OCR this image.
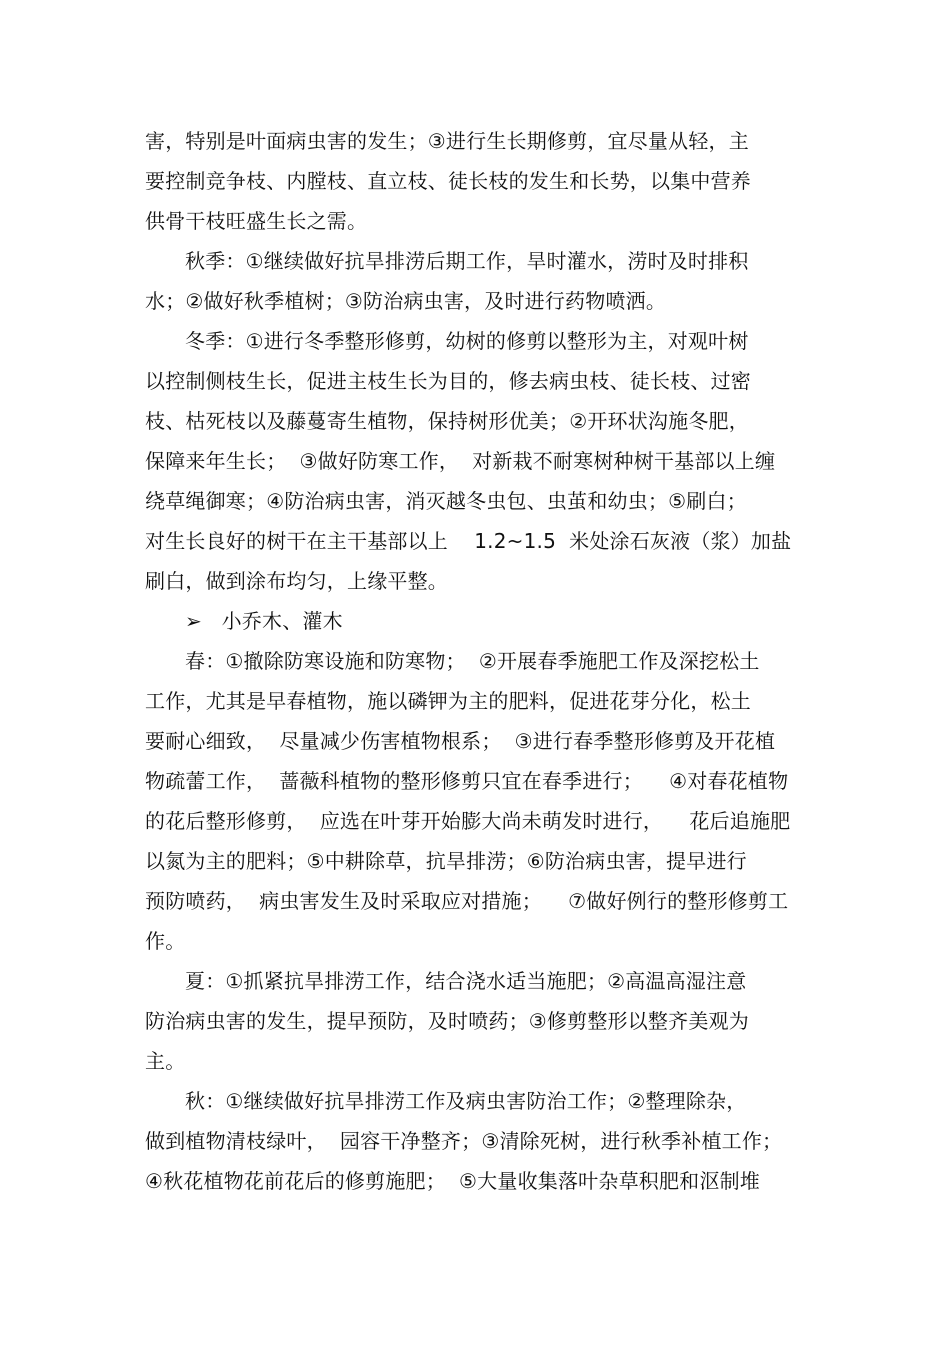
害，特别是叶面病虫害的发生；③进行生长期修剪，宜尽量从轻，主
要控制竞争枝、内膛枝、直立枝、徒长枝的发生和长势，以集中营养
供骨干枝旺盛生长之需。
秋季：①继续做好抗旱排涝后期工作，旱时灌水，涝时及时排积
水；②做好秋季植树；③防治病虫害，及时进行药物喷洒。
冬季：①进行冬季整形修剪，幼树的修剪以整形为主，对观叶树
以控制侧枝生长，促进主枝生长为目的，修去病虫枝、徒长枝、过密
枝、枯死枝以及藤蔓寄生植物，保持树形优美；②开环状沟施冬肥，
保障来年生长；  ③做好防寒工作，  对新栽不耐寒树种树干基部以上缠
绕草绳御寒；④防治病虫害，消灭越冬虫包、虫茧和幼虫；⑤刷白；
对生长良好的树干在主干基部以上    1.2~1.5  米处涂石灰液（浆）加盐
刷白，做到涂布均匀，上缘平整。
➢   小乔木、灌木
春：①撤除防寒设施和防寒物；  ②开展春季施肥工作及深挖松土
工作，尤其是早春植物，施以磷钾为主的肥料，促进花芽分化，松土
要耐心细致，  尽量减少伤害植物根系；  ③进行春季整形修剪及开花植
物疏蕾工作，  蔷薇科植物的整形修剪只宜在春季进行；    ④对春花植物
的花后整形修剪，  应选在叶芽开始膨大尚未萌发时进行，    花后追施肥
以氮为主的肥料；⑤中耕除草，抗旱排涝；⑥防治病虫害，提早进行
预防喷药，  病虫害发生及时采取应对措施；    ⑦做好例行的整形修剪工
作。
夏：①抓紧抗旱排涝工作，结合浇水适当施肥；②高温高湿注意
防治病虫害的发生，提早预防，及时喷药；③修剪整形以整齐美观为
主。
秋：①继续做好抗旱排涝工作及病虫害防治工作；②整理除杂，
做到植物清枝绿叶，  园容干净整齐；③清除死树，进行秋季补植工作；
④秋花植物花前花后的修剪施肥；  ⑤大量收集落叶杂草积肥和沤制堆
